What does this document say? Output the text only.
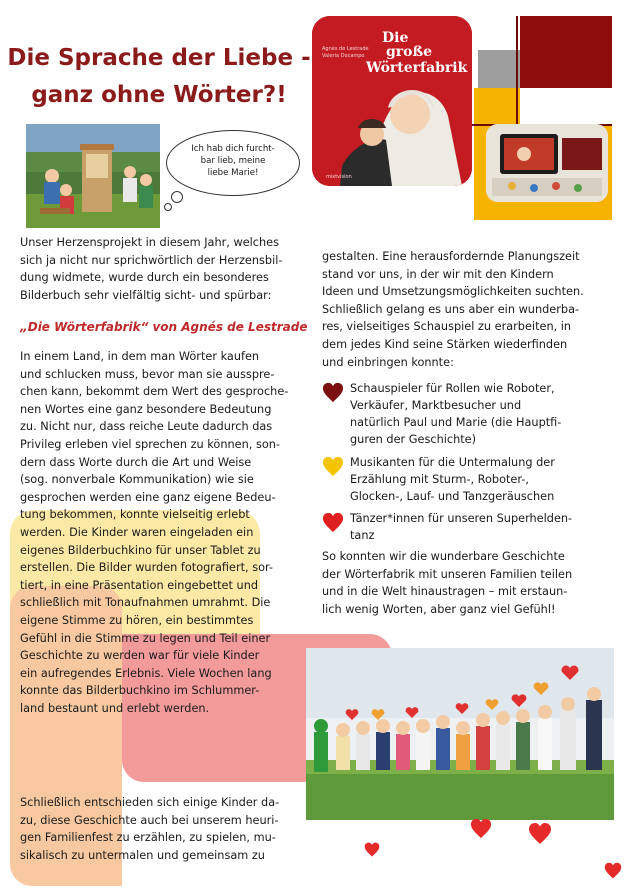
Die Sprache der Liebe -
ganz ohne Wörter?!
Ich hab dich furcht-
bar lieb, meine
liebe Marie!
Agnès de Lestrade
Valeria Docampo
Die
große
Wörterfabrik
mixtvision

Unser Herzensprojekt in diesem Jahr, welches

sich ja nicht nur sprichwörtlich der Herzensbil-

dung widmete, wurde durch ein besonderes

Bilderbuch sehr vielfältig sicht- und spürbar:

„Die Wörterfabrik“ von Agnés de Lestrade

In einem Land, in dem man Wörter kaufen

und schlucken muss, bevor man sie ausspre-

chen kann, bekommt dem Wert des gesproche-

nen Wortes eine ganz besondere Bedeutung

zu. Nicht nur, dass reiche Leute dadurch das

Privileg erleben viel sprechen zu können, son-

dern dass Worte durch die Art und Weise

(sog. nonverbale Kommunikation) wie sie

gesprochen werden eine ganz eigene Bedeu-

tung bekommen, konnte vielseitig erlebt

werden. Die Kinder waren eingeladen ein

eigenes Bilderbuchkino für unser Tablet zu

erstellen. Die Bilder wurden fotografiert, sor-

tiert, in eine Präsentation eingebettet und

schließlich mit Tonaufnahmen umrahmt. Die

eigene Stimme zu hören, ein bestimmtes

Gefühl in die Stimme zu legen und Teil einer

Geschichte zu werden war für viele Kinder

ein aufregendes Erlebnis. Viele Wochen lang

konnte das Bilderbuchkino im Schlummer-

land bestaunt und erlebt werden.

Schließlich entschieden sich einige Kinder da-

zu, diese Geschichte auch bei unserem heuri-

gen Familienfest zu erzählen, zu spielen, mu-

sikalisch zu untermalen und gemeinsam zu

gestalten. Eine herausfordernde Planungszeit

stand vor uns, in der wir mit den Kindern

Ideen und Umsetzungsmöglichkeiten suchten.

Schließlich gelang es uns aber ein wunderba-

res, vielseitiges Schauspiel zu erarbeiten, in

dem jedes Kind seine Stärken wiederfinden

und einbringen konnte:

Schauspieler für Rollen wie Roboter,
Verkäufer, Marktbesucher und
natürlich Paul und Marie (die Hauptfi-
guren der Geschichte)
Musikanten für die Untermalung der
Erzählung mit Sturm-, Roboter-,
Glocken-, Lauf- und Tanzgeräuschen
Tänzer*innen für unseren Superhelden-
tanz

So konnten wir die wunderbare Geschichte

der Wörterfabrik mit unseren Familien teilen

und in die Welt hinaustragen – mit erstaun-

lich wenig Worten, aber ganz viel Gefühl!
